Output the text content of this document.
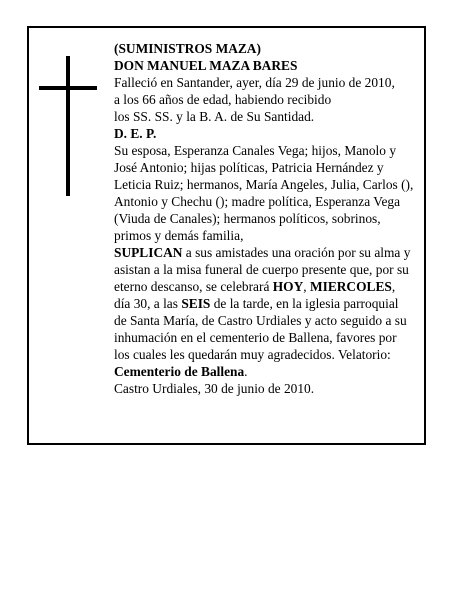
(SUMINISTROS MAZA)

DON MANUEL MAZA BARES

Falleció en Santander, ayer, día 29 de junio de 2010,

a los 66 años de edad, habiendo recibido

los SS. SS. y la B. A. de Su Santidad.

D. E. P.

Su esposa, Esperanza Canales Vega; hijos, Manolo y José Antonio; hijas políticas, Patricia Hernández y Leticia Ruiz; hermanos, María Angeles, Julia, Carlos (), Antonio y Chechu (); madre política, Esperanza Vega (Viuda de Canales); hermanos políticos, sobrinos, primos y demás familia,

SUPLICAN a sus amistades una oración por su alma y asistan a la misa funeral de cuerpo presente que, por su eterno descanso, se celebrará HOY, MIERCOLES, día 30, a las SEIS de la tarde, en la iglesia parroquial de Santa María, de Castro Urdiales y acto seguido a su inhumación en el cementerio de Ballena, favores por los cuales les quedarán muy agradecidos. Velatorio:

Cementerio de Ballena.

Castro Urdiales, 30 de junio de 2010.
